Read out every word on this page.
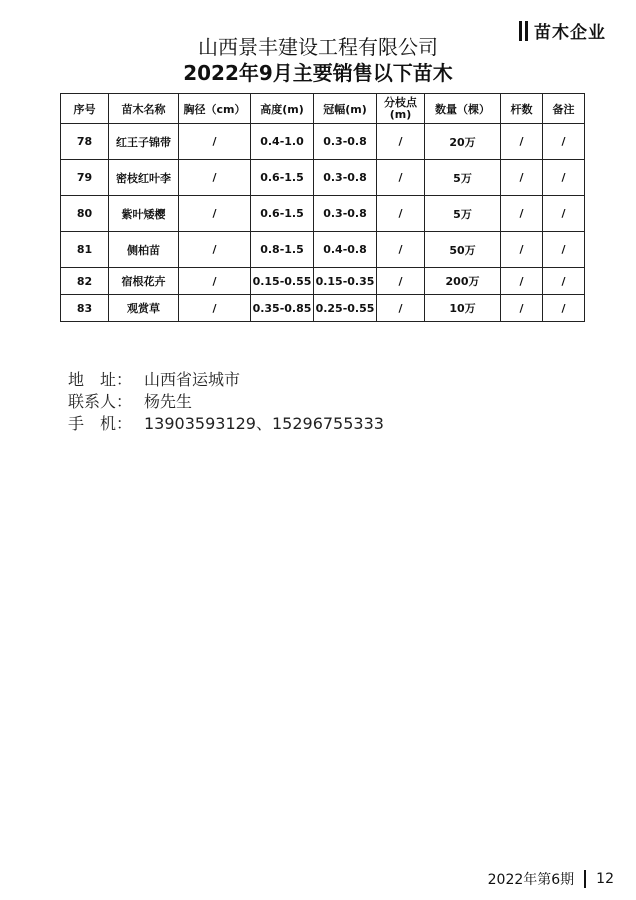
苗木企业
山西景丰建设工程有限公司
2022年9月主要销售以下苗木
序号	苗木名称	胸径（cm）	高度(m)	冠幅(m)	分枝点(m)	数量（棵）	杆数	备注
78	红王子锦带	/	0.4-1.0	0.3-0.8	/	20万	/	/
79	密枝红叶李	/	0.6-1.5	0.3-0.8	/	5万	/	/
80	紫叶矮樱	/	0.6-1.5	0.3-0.8	/	5万	/	/
81	侧柏苗	/	0.8-1.5	0.4-0.8	/	50万	/	/
82	宿根花卉	/	0.15-0.55	0.15-0.35	/	200万	/	/
83	观赏草	/	0.35-0.85	0.25-0.55	/	10万	/	/
地　址： 山西省运城市
联系人： 杨先生
手　机： 13903593129、15296755333
2022年第6期 12
